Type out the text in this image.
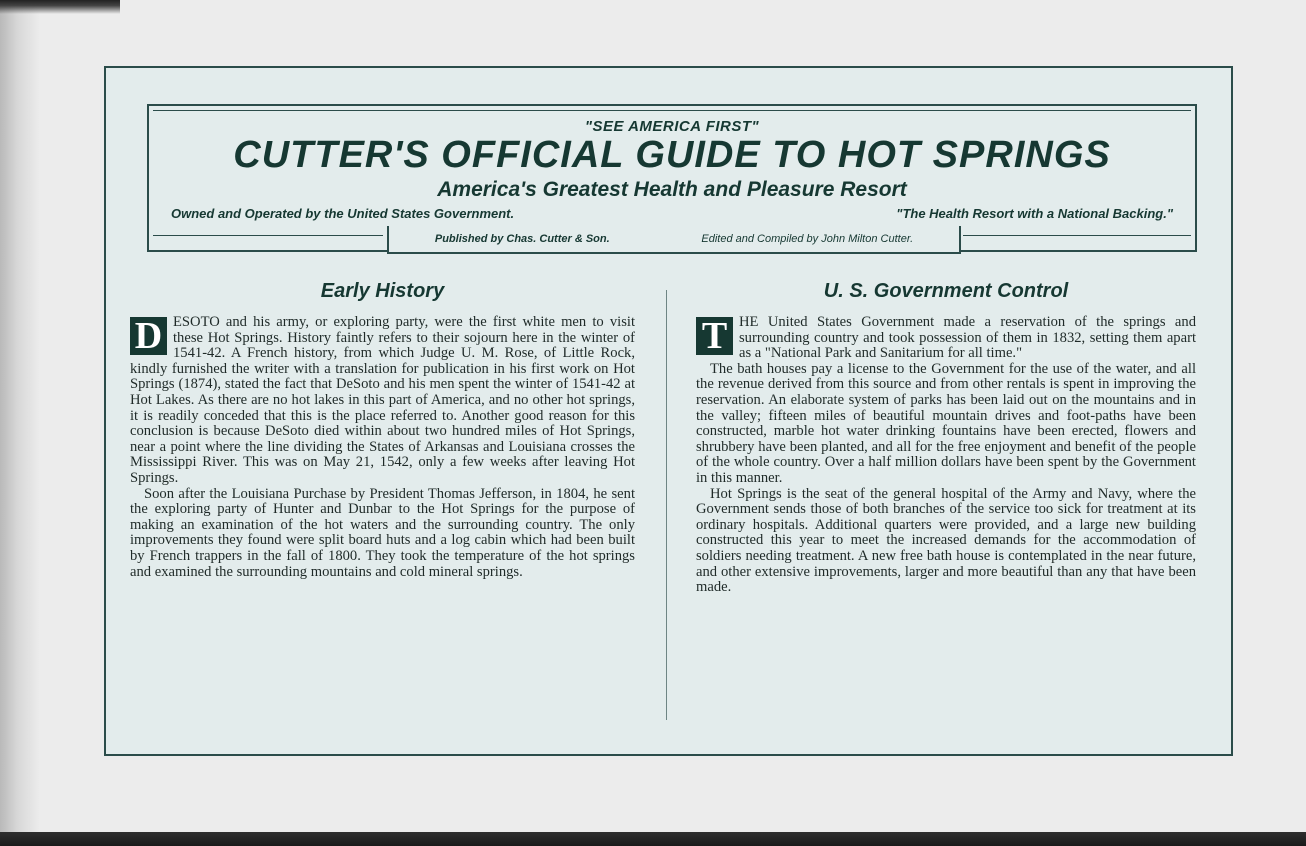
"SEE AMERICA FIRST"
CUTTER'S OFFICIAL GUIDE TO HOT SPRINGS
America's Greatest Health and Pleasure Resort
Owned and Operated by the United States Government.	"The Health Resort with a National Backing."
Published by Chas. Cutter & Son.	Edited and Compiled by John Milton Cutter.
Early History

D ESOTO and his army, or exploring party, were the first white men to visit these Hot Springs. History faintly refers to their sojourn here in the winter of 1541-42. A French history, from which Judge U. M. Rose, of Little Rock, kindly furnished the writer with a translation for publication in his first work on Hot Springs (1874), stated the fact that DeSoto and his men spent the winter of 1541-42 at Hot Lakes. As there are no hot lakes in this part of America, and no other hot springs, it is readily conceded that this is the place referred to. Another good reason for this conclusion is because DeSoto died within about two hundred miles of Hot Springs, near a point where the line dividing the States of Arkansas and Louisiana crosses the Mississippi River. This was on May 21, 1542, only a few weeks after leaving Hot Springs.

Soon after the Louisiana Purchase by President Thomas Jefferson, in 1804, he sent the exploring party of Hunter and Dunbar to the Hot Springs for the purpose of making an examination of the hot waters and the surrounding country. The only improvements they found were split board huts and a log cabin which had been built by French trappers in the fall of 1800. They took the temperature of the hot springs and examined the surrounding mountains and cold mineral springs.

U. S. Government Control

T HE United States Government made a reservation of the springs and surrounding country and took possession of them in 1832, setting them apart as a "National Park and Sanitarium for all time."

The bath houses pay a license to the Government for the use of the water, and all the revenue derived from this source and from other rentals is spent in improving the reservation. An elaborate system of parks has been laid out on the mountains and in the valley; fifteen miles of beautiful mountain drives and foot-paths have been constructed, marble hot water drinking fountains have been erected, flowers and shrubbery have been planted, and all for the free enjoyment and benefit of the people of the whole country. Over a half million dollars have been spent by the Government in this manner.

Hot Springs is the seat of the general hospital of the Army and Navy, where the Government sends those of both branches of the service too sick for treatment at its ordinary hospitals. Additional quarters were provided, and a large new building constructed this year to meet the increased demands for the accommodation of soldiers needing treatment. A new free bath house is contemplated in the near future, and other extensive improvements, larger and more beautiful than any that have been made.
